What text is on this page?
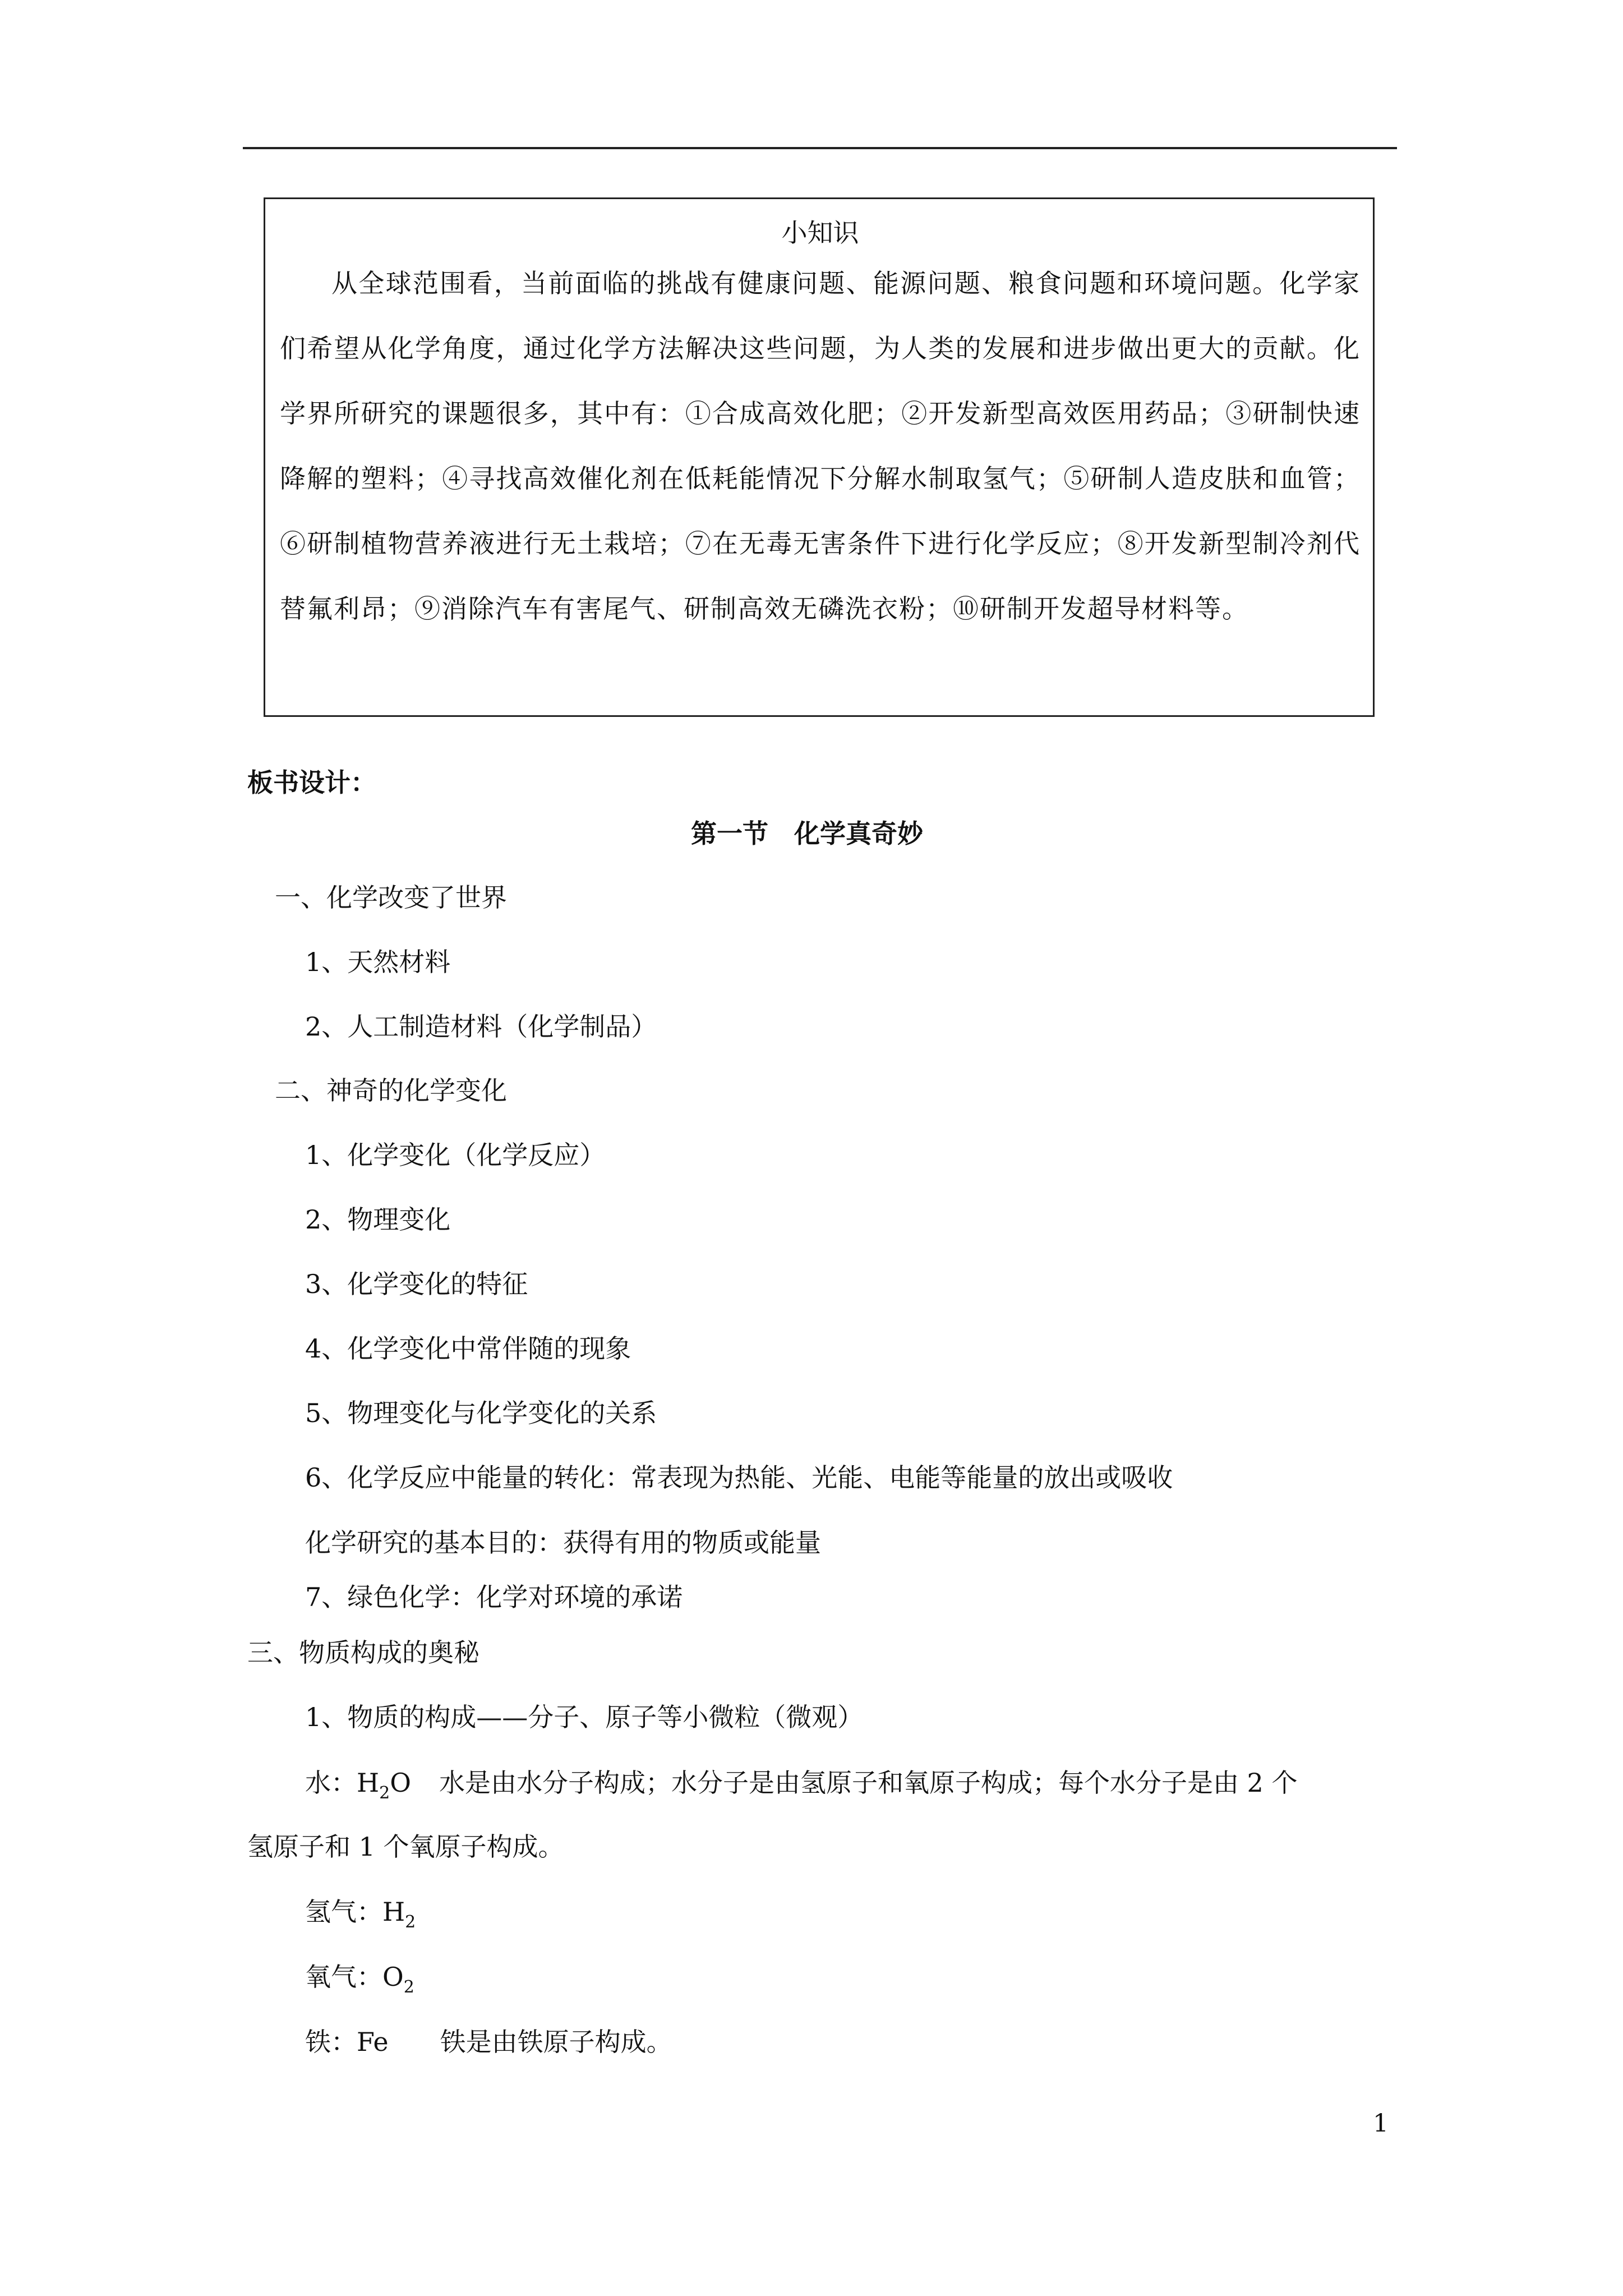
小知识

从全球范围看，当前面临的挑战有健康问题、能源问题、粮食问题和环境问题。化学家们希望从化学角度，通过化学方法解决这些问题，为人类的发展和进步做出更大的贡献。化学界所研究的课题很多，其中有：①合成高效化肥；②开发新型高效医用药品；③研制快速降解的塑料；④寻找高效催化剂在低耗能情况下分解水制取氢气；⑤研制人造皮肤和血管；⑥研制植物营养液进行无土栽培；⑦在无毒无害条件下进行化学反应；⑧开发新型制冷剂代替氟利昂；⑨消除汽车有害尾气、研制高效无磷洗衣粉；⑩研制开发超导材料等。

板书设计：
第一节　化学真奇妙
一、化学改变了世界
1、天然材料
2、人工制造材料（化学制品）
二、神奇的化学变化
1、化学变化（化学反应）
2、物理变化
3、化学变化的特征
4、化学变化中常伴随的现象
5、物理变化与化学变化的关系
6、化学反应中能量的转化：常表现为热能、光能、电能等能量的放出或吸收
化学研究的基本目的：获得有用的物质或能量
7、绿色化学：化学对环境的承诺
三、物质构成的奥秘
1、物质的构成——分子、原子等小微粒（微观）
水：$H_2O$ 水是由水分子构成；水分子是由氢原子和氧原子构成；每个水分子是由 2 个
氢原子和 1 个氧原子构成。
氢气：$H_2$
氧气：$O_2$
铁：Fe 铁是由铁原子构成。
1
